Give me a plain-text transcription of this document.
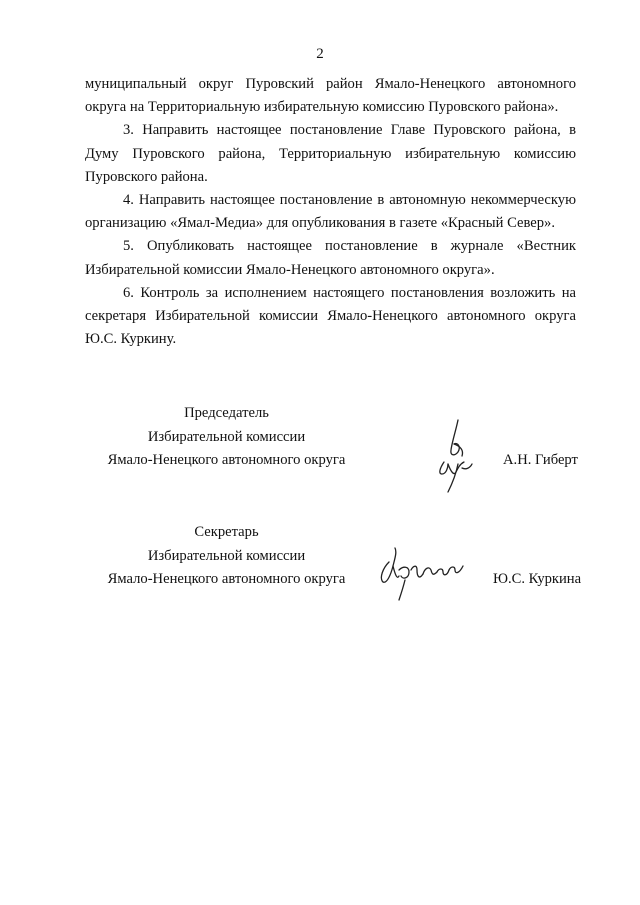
2

муниципальный округ Пуровский район Ямало-Ненецкого автономного округа на Территориальную избирательную комиссию Пуровского района».

3. Направить настоящее постановление Главе Пуровского района, в Думу Пуровского района, Территориальную избирательную комиссию Пуровского района.

4. Направить настоящее постановление в автономную некоммерческую организацию «Ямал-Медиа» для опубликования в газете «Красный Север».

5. Опубликовать настоящее постановление в журнале «Вестник Избирательной комиссии Ямало-Ненецкого автономного округа».

6. Контроль за исполнением настоящего постановления возложить на секретаря Избирательной комиссии Ямало-Ненецкого автономного округа Ю.С. Куркину.

Председатель
Избирательной комиссии
Ямало-Ненецкого автономного округа	А.Н. Гиберт
Секретарь
Избирательной комиссии
Ямало-Ненецкого автономного округа	Ю.С. Куркина
